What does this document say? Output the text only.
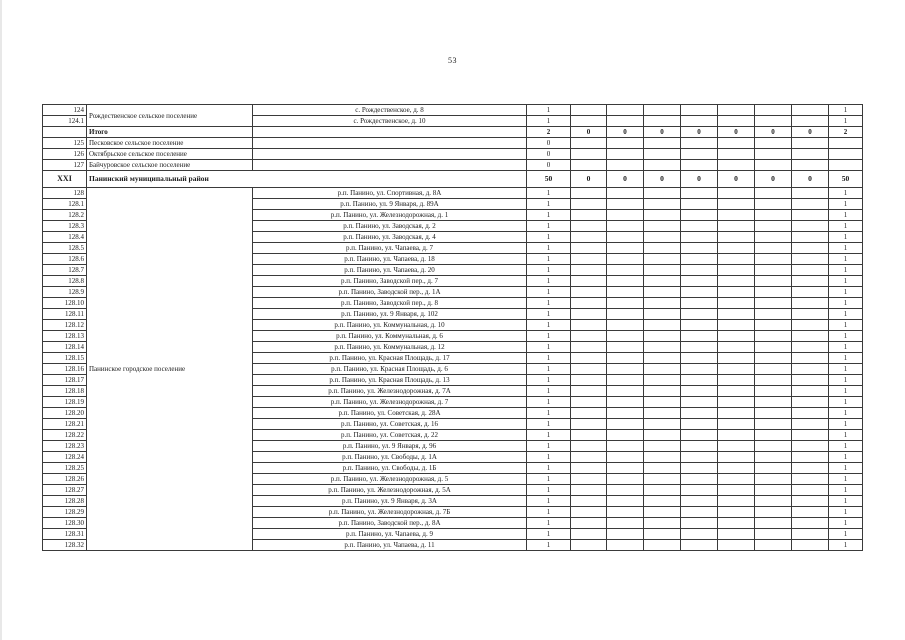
53
124	Рождественское сельское поселение	с. Рождественское, д. 8	1								1
124.1		с. Рождественское, д. 10	1								1
	Итого		2	0	0	0	0	0	0	0	2
125	Песковское сельское поселение		0								
126	Октябрьское сельское поселение		0								
127	Байчуровское сельское поселение		0								
XXI	Панинский муниципальный район		50	0	0	0	0	0	0	0	50
128	Панинское городское поселение	р.п. Панино, ул. Спортивная, д. 8А	1								1
128.1		р.п. Панино, ул. 9 Января, д. 89А	1								1
128.2		р.п. Панино, ул. Железнодорожная, д. 1	1								1
128.3		р.п. Панино, ул. Заводская, д. 2	1								1
128.4		р.п. Панино, ул. Заводская, д. 4	1								1
128.5		р.п. Панино, ул. Чапаева, д. 7	1								1
128.6		р.п. Панино, ул. Чапаева, д. 18	1								1
128.7		р.п. Панино, ул. Чапаева, д. 20	1								1
128.8		р.п. Панино, Заводской пер., д. 7	1								1
128.9		р.п. Панино, Заводской пер., д. 1А	1								1
128.10		р.п. Панино, Заводской пер., д. 8	1								1
128.11		р.п. Панино, ул. 9 Января, д. 102	1								1
128.12		р.п. Панино, ул. Коммунальная, д. 10	1								1
128.13		р.п. Панино, ул. Коммунальная, д. 6	1								1
128.14		р.п. Панино, ул. Коммунальная, д. 12	1								1
128.15		р.п. Панино, ул. Красная Площадь, д. 17	1								1
128.16		р.п. Панино, ул. Красная Площадь, д. 6	1								1
128.17		р.п. Панино, ул. Красная Площадь, д. 13	1								1
128.18		р.п. Панино, ул. Железнодорожная, д. 7А	1								1
128.19		р.п. Панино, ул. Железнодорожная, д. 7	1								1
128.20		р.п. Панино, ул. Советская, д. 28А	1								1
128.21		р.п. Панино, ул. Советская, д. 16	1								1
128.22		р.п. Панино, ул. Советская, д. 22	1								1
128.23		р.п. Панино, ул. 9 Января, д. 96	1								1
128.24		р.п. Панино, ул. Свободы, д. 1А	1								1
128.25		р.п. Панино, ул. Свободы, д. 1Б	1								1
128.26		р.п. Панино, ул. Железнодорожная, д. 5	1								1
128.27		р.п. Панино, ул. Железнодорожная, д. 5А	1								1
128.28		р.п. Панино, ул. 9 Января, д. 3А	1								1
128.29		р.п. Панино, ул. Железнодорожная, д. 7Б	1								1
128.30		р.п. Панино, Заводской пер., д. 8А	1								1
128.31		р.п. Панино, ул. Чапаева, д. 9	1								1
128.32		р.п. Панино, ул. Чапаева, д. 11	1								1
